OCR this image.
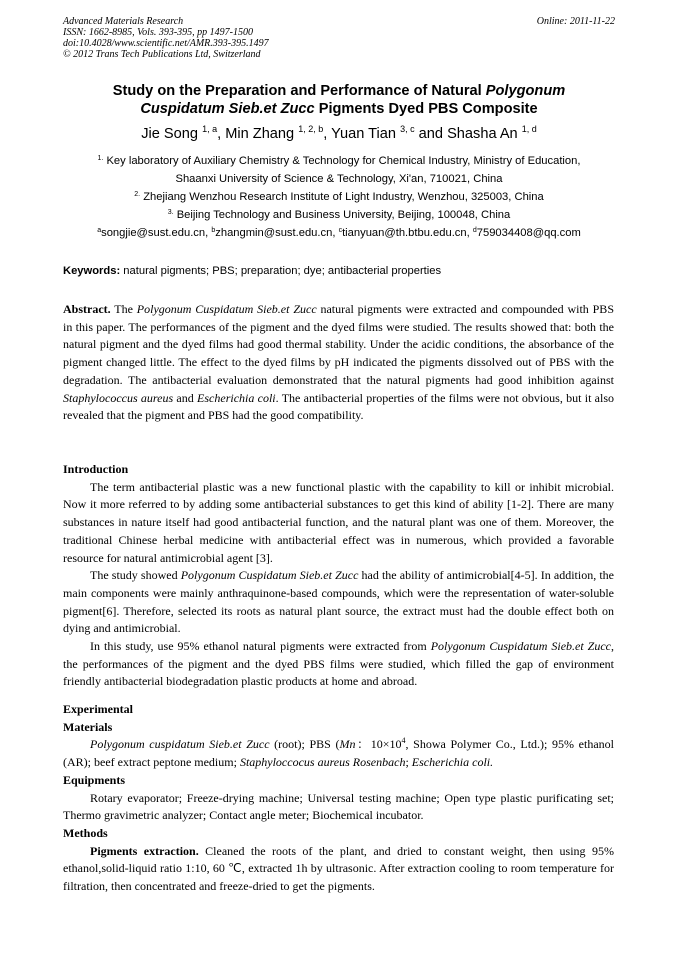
Advanced Materials Research
ISSN: 1662-8985, Vols. 393-395, pp 1497-1500
doi:10.4028/www.scientific.net/AMR.393-395.1497
© 2012 Trans Tech Publications Ltd, Switzerland
Online: 2011-11-22
Study on the Preparation and Performance of Natural Polygonum
Cuspidatum Sieb.et Zucc Pigments Dyed PBS Composite
Jie Song $^{1, a}$, Min Zhang $^{1, 2, b}$, Yuan Tian $^{3, c}$ and Shasha An $^{1, d}$
$^{1.}$ Key laboratory of Auxiliary Chemistry & Technology for Chemical Industry, Ministry of Education,
Shaanxi University of Science & Technology, Xi'an, 710021, China
$^{2.}$ Zhejiang Wenzhou Research Institute of Light Industry, Wenzhou, 325003, China
$^{3.}$ Beijing Technology and Business University, Beijing, 100048, China
$^a$songjie@sust.edu.cn, $^b$zhangmin@sust.edu.cn, $^c$tianyuan@th.btbu.edu.cn, $^d$759034408@qq.com
Keywords: natural pigments; PBS; preparation; dye; antibacterial properties

Abstract. The Polygonum Cuspidatum Sieb.et Zucc natural pigments were extracted and compounded with PBS in this paper. The performances of the pigment and the dyed films were studied. The results showed that: both the natural pigment and the dyed films had good thermal stability. Under the acidic conditions, the absorbance of the pigment changed little. The effect to the dyed films by pH indicated the pigments dissolved out of PBS with the degradation. The antibacterial evaluation demonstrated that the natural pigments had good inhibition against Staphylococcus aureus and Escherichia coli. The antibacterial properties of the films were not obvious, but it also revealed that the pigment and PBS had the good compatibility.

Introduction

The term antibacterial plastic was a new functional plastic with the capability to kill or inhibit microbial. Now it more referred to by adding some antibacterial substances to get this kind of ability [1-2]. There are many substances in nature itself had good antibacterial function, and the natural plant was one of them. Moreover, the traditional Chinese herbal medicine with antibacterial effect was in numerous, which provided a favorable resource for natural antimicrobial agent [3].

The study showed Polygonum Cuspidatum Sieb.et Zucc had the ability of antimicrobial[4-5]. In addition, the main components were mainly anthraquinone-based compounds, which were the representation of water-soluble pigment[6]. Therefore, selected its roots as natural plant source, the extract must had the double effect both on dying and antimicrobial.

In this study, use 95% ethanol natural pigments were extracted from Polygonum Cuspidatum Sieb.et Zucc, the performances of the pigment and the dyed PBS films were studied, which filled the gap of environment friendly antibacterial biodegradation plastic products at home and abroad.

Experimental

Materials

Polygonum cuspidatum Sieb.et Zucc (root); PBS (Mn：$10\times 10^4$, Showa Polymer Co., Ltd.); 95% ethanol (AR); beef extract peptone medium; Staphyloccocus aureus Rosenbach; Escherichia coli.

Equipments

Rotary evaporator; Freeze-drying machine; Universal testing machine; Open type plastic purificating set; Thermo gravimetric analyzer; Contact angle meter; Biochemical incubator.

Methods

Pigments extraction. Cleaned the roots of the plant, and dried to constant weight, then using 95% ethanol,solid-liquid ratio 1:10, 60 ℃, extracted 1h by ultrasonic. After extraction cooling to room temperature for filtration, then concentrated and freeze-dried to get the pigments.
